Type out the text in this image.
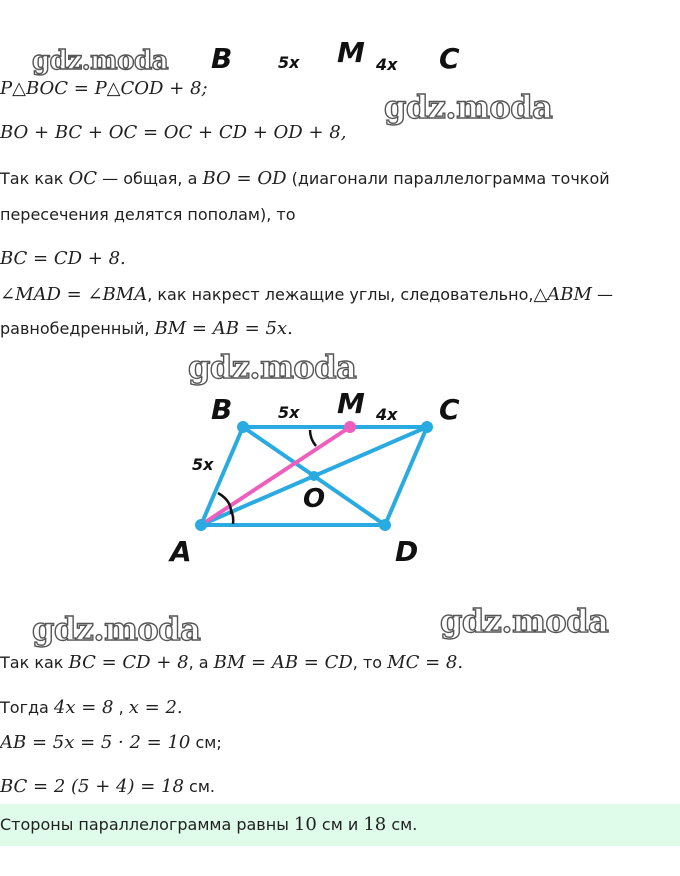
gdz.moda
gdz.moda
gdz.moda
gdz.moda	gdz.moda
B	5x M 4x C
P△BOC = P△COD + 8;
BO + BC + OC = OC + CD + OD + 8,
Так как OC — общая, а BO = OD (диагонали параллелограмма точкой
пересечения делятся пополам), то
BC = CD + 8.
∠MAD = ∠BMA, как накрест лежащие углы, следовательно,△ABM —
равнобедренный, BM = AB = 5x.
B	5x M 4x C
5x
O
A	D
Так как BC = CD + 8, а BM = AB = CD, то MC = 8.
Тогда 4x = 8 , x = 2.
AB = 5x = 5 · 2 = 10 см;
BC = 2 (5 + 4) = 18 см.
Стороны параллелограмма равны 10 см и 18 см.
